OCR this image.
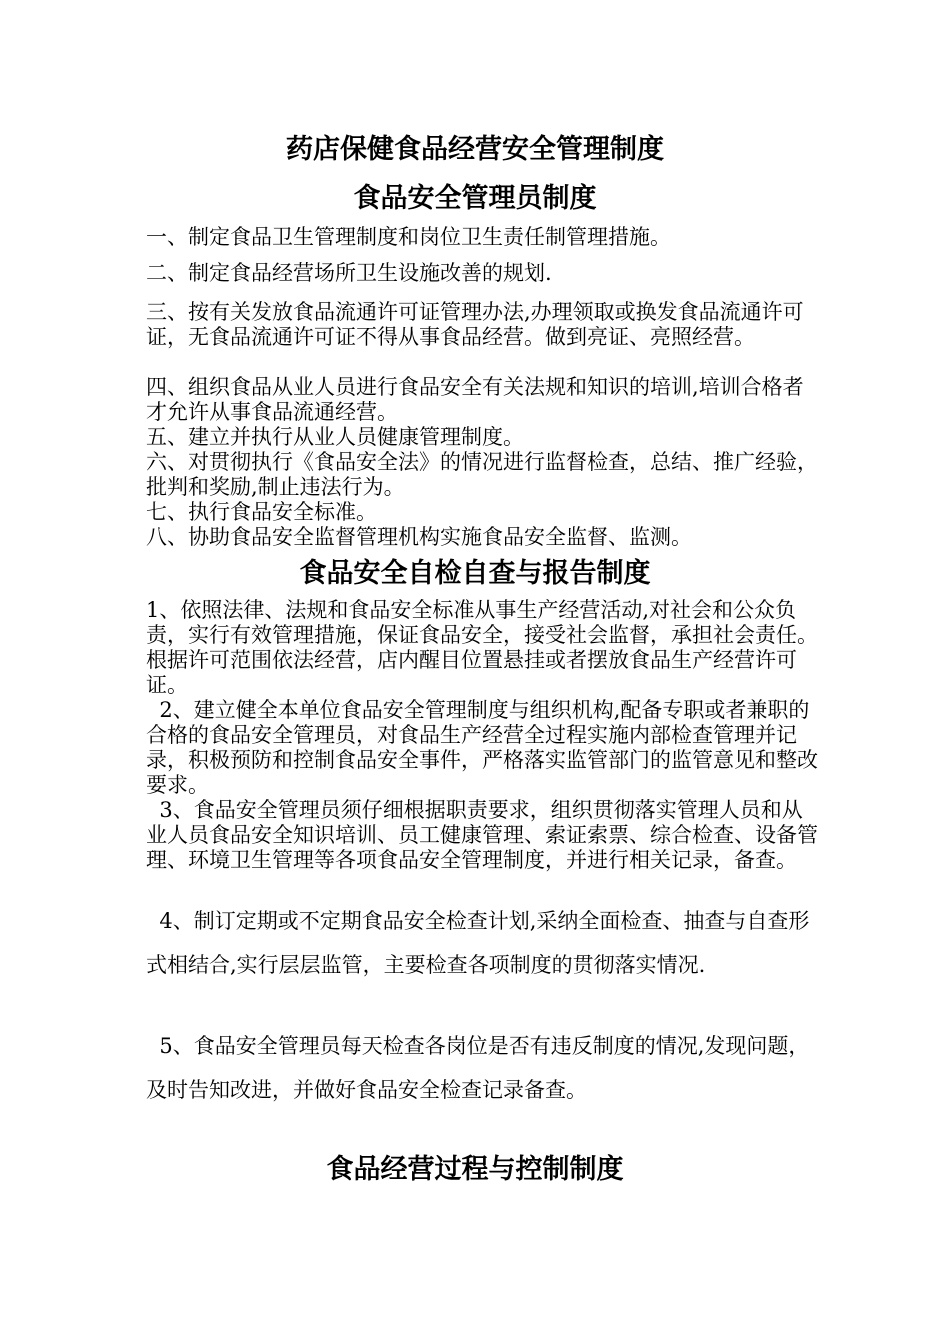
药店保健食品经营安全管理制度
食品安全管理员制度
一、制定食品卫生管理制度和岗位卫生责任制管理措施。
二、制定食品经营场所卫生设施改善的规划.
三、按有关发放食品流通许可证管理办法,办理领取或换发食品流通许可证，无食品流通许可证不得从事食品经营。做到亮证、亮照经营。
四、组织食品从业人员进行食品安全有关法规和知识的培训,培训合格者才允许从事食品流通经营。
五、建立并执行从业人员健康管理制度。
六、对贯彻执行《食品安全法》的情况进行监督检查，总结、推广经验，批判和奖励,制止违法行为。
七、执行食品安全标准。
八、协助食品安全监督管理机构实施食品安全监督、监测。
食品安全自检自查与报告制度
1、依照法律、法规和食品安全标准从事生产经营活动,对社会和公众负责，实行有效管理措施，保证食品安全，接受社会监督，承担社会责任。根据许可范围依法经营，店内醒目位置悬挂或者摆放食品生产经营许可证。
2、建立健全本单位食品安全管理制度与组织机构,配备专职或者兼职的合格的食品安全管理员，对食品生产经营全过程实施内部检查管理并记录，积极预防和控制食品安全事件，严格落实监管部门的监管意见和整改要求。
3、食品安全管理员须仔细根据职责要求，组织贯彻落实管理人员和从业人员食品安全知识培训、员工健康管理、索证索票、综合检查、设备管理、环境卫生管理等各项食品安全管理制度，并进行相关记录，备查。
4、制订定期或不定期食品安全检查计划,采纳全面检查、抽查与自查形式相结合,实行层层监管，主要检查各项制度的贯彻落实情况.
5、食品安全管理员每天检查各岗位是否有违反制度的情况,发现问题，及时告知改进，并做好食品安全检查记录备查。
食品经营过程与控制制度
